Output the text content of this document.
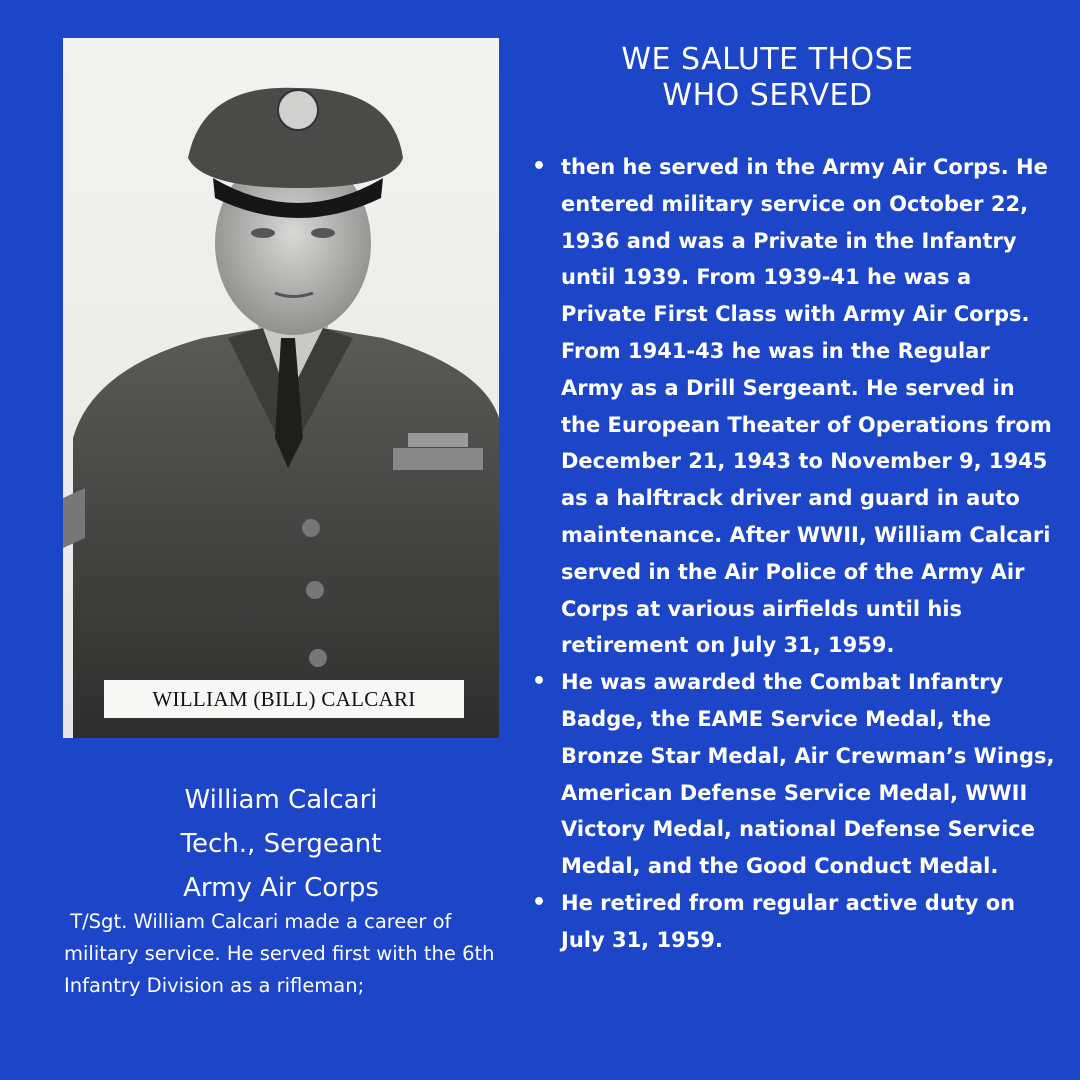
WILLIAM (BILL) CALCARI
WE SALUTE THOSE
WHO SERVED
• then he served in the Army Air Corps. He entered military service on October 22, 1936 and was a Private in the Infantry until 1939. From 1939-41 he was a Private First Class with Army Air Corps. From 1941-43 he was in the Regular Army as a Drill Sergeant. He served in the European Theater of Operations from December 21, 1943 to November 9, 1945 as a halftrack driver and guard in auto maintenance. After WWII, William Calcari served in the Air Police of the Army Air Corps at various airfields until his retirement on July 31, 1959.
• He was awarded the Combat Infantry Badge, the EAME Service Medal, the Bronze Star Medal, Air Crewman’s Wings, American Defense Service Medal, WWII Victory Medal, national Defense Service Medal, and the Good Conduct Medal.
• He retired from regular active duty on July 31, 1959.
William Calcari
Tech., Sergeant
Army Air Corps
T/Sgt. William Calcari made a career of military service. He served first with the 6th Infantry Division as a rifleman;
